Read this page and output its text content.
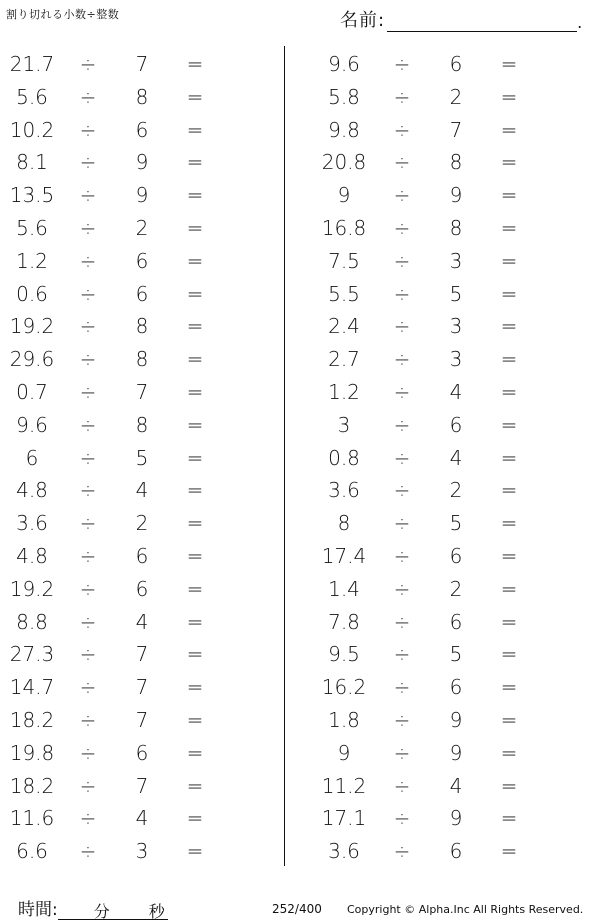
割り切れる小数÷整数	名前:	.
21.7	÷	7	=
5.6	÷	8	=
10.2	÷	6	=
8.1	÷	9	=
13.5	÷	9	=
5.6	÷	2	=
1.2	÷	6	=
0.6	÷	6	=
19.2	÷	8	=
29.6	÷	8	=
0.7	÷	7	=
9.6	÷	8	=
6	÷	5	=
4.8	÷	4	=
3.6	÷	2	=
4.8	÷	6	=
19.2	÷	6	=
8.8	÷	4	=
27.3	÷	7	=
14.7	÷	7	=
18.2	÷	7	=
19.8	÷	6	=
18.2	÷	7	=
11.6	÷	4	=
6.6	÷	3	=
9.6	÷	6	=
5.8	÷	2	=
9.8	÷	7	=
20.8	÷	8	=
9	÷	9	=
16.8	÷	8	=
7.5	÷	3	=
5.5	÷	5	=
2.4	÷	3	=
2.7	÷	3	=
1.2	÷	4	=
3	÷	6	=
0.8	÷	4	=
3.6	÷	2	=
8	÷	5	=
17.4	÷	6	=
1.4	÷	2	=
7.8	÷	6	=
9.5	÷	5	=
16.2	÷	6	=
1.8	÷	9	=
9	÷	9	=
11.2	÷	4	=
17.1	÷	9	=
3.6	÷	6	=
時間: 分 秒	252/400 Copyright © Alpha.Inc All Rights Reserved.
